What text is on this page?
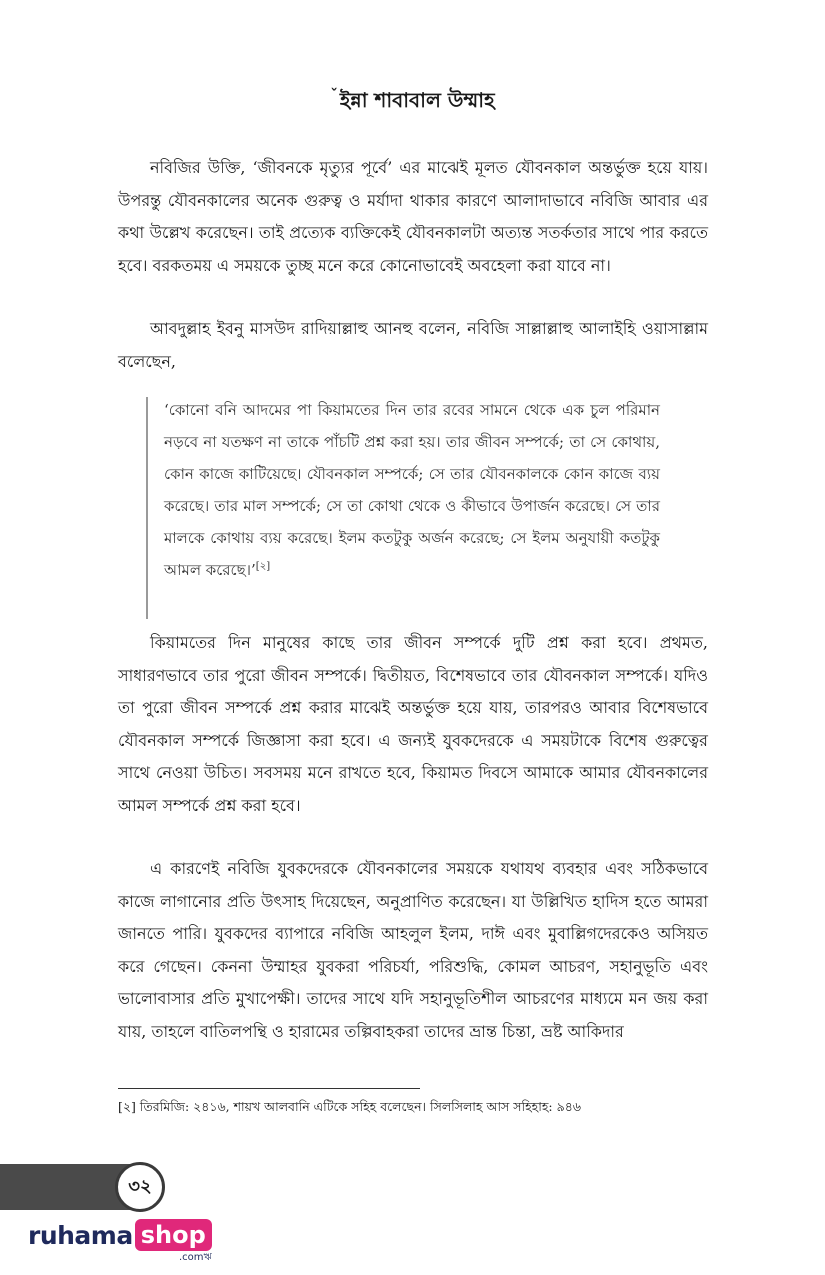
$^ˇ$ ইন্না শাবাবাল উম্মাহ
নবিজির উক্তি, ‘জীবনকে মৃত্যুর পূর্বে’ এর মাঝেই মূলত যৌবনকাল অন্তর্ভুক্ত হয়ে যায়। উপরন্তু যৌবনকালের অনেক গুরুত্ব ও মর্যাদা থাকার কারণে আলাদাভাবে নবিজি আবার এর কথা উল্লেখ করেছেন। তাই প্রত্যেক ব্যক্তিকেই যৌবনকালটা অত্যন্ত সতর্কতার সাথে পার করতে হবে। বরকতময় এ সময়কে তুচ্ছ মনে করে কোনোভাবেই অবহেলা করা যাবে না।
আবদুল্লাহ ইবনু মাসউদ রাদিয়াল্লাহু আনহু বলেন, নবিজি সাল্লাল্লাহু আলাইহি ওয়াসাল্লাম বলেছেন,
‘কোনো বনি আদমের পা কিয়ামতের দিন তার রবের সামনে থেকে এক চুল পরিমান নড়বে না যতক্ষণ না তাকে পাঁচটি প্রশ্ন করা হয়। তার জীবন সম্পর্কে; তা সে কোথায়, কোন কাজে কাটিয়েছে। যৌবনকাল সম্পর্কে; সে তার যৌবনকালকে কোন কাজে ব্যয় করেছে। তার মাল সম্পর্কে; সে তা কোথা থেকে ও কীভাবে উপার্জন করেছে। সে তার মালকে কোথায় ব্যয় করেছে। ইলম কতটুকু অর্জন করেছে; সে ইলম অনুযায়ী কতটুকু আমল করেছে।’[২]
কিয়ামতের দিন মানুষের কাছে তার জীবন সম্পর্কে দুটি প্রশ্ন করা হবে। প্রথমত, সাধারণভাবে তার পুরো জীবন সম্পর্কে। দ্বিতীয়ত, বিশেষভাবে তার যৌবনকাল সম্পর্কে। যদিও তা পুরো জীবন সম্পর্কে প্রশ্ন করার মাঝেই অন্তর্ভুক্ত হয়ে যায়, তারপরও আবার বিশেষভাবে যৌবনকাল সম্পর্কে জিজ্ঞাসা করা হবে। এ জন্যই যুবকদেরকে এ সময়টাকে বিশেষ গুরুত্বের সাথে নেওয়া উচিত। সবসময় মনে রাখতে হবে, কিয়ামত দিবসে আমাকে আমার যৌবনকালের আমল সম্পর্কে প্রশ্ন করা হবে।
এ কারণেই নবিজি যুবকদেরকে যৌবনকালের সময়কে যথাযথ ব্যবহার এবং সঠিকভাবে কাজে লাগানোর প্রতি উৎসাহ দিয়েছেন, অনুপ্রাণিত করেছেন। যা উল্লিখিত হাদিস হতে আমরা জানতে পারি। যুবকদের ব্যাপারে নবিজি আহলুল ইলম, দাঈ এবং মুবাল্লিগদেরকেও অসিয়ত করে গেছেন। কেননা উম্মাহর যুবকরা পরিচর্যা, পরিশুদ্ধি, কোমল আচরণ, সহানুভূতি এবং ভালোবাসার প্রতি মুখাপেক্ষী। তাদের সাথে যদি সহানুভূতিশীল আচরণের মাধ্যমে মন জয় করা যায়, তাহলে বাতিলপন্থি ও হারামের তল্পিবাহকরা তাদের ভ্রান্ত চিন্তা, ভ্রষ্ট আকিদার
[২] তিরমিজি: ২৪১৬, শায়খ আলবানি এটিকে সহিহ বলেছেন। সিলসিলাহ আস সহিহাহ: ৯৪৬
৩২
ruhama shop
.comঋ
